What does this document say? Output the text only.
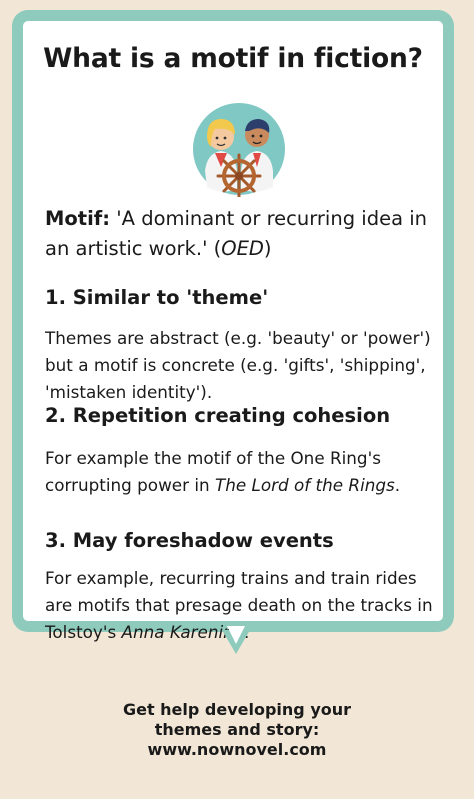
What is a motif in fiction?

Motif: 'A dominant or recurring idea in an artistic work.' (OED)

1. Similar to 'theme'

Themes are abstract (e.g. 'beauty' or 'power') but a motif is concrete (e.g. 'gifts', 'shipping', 'mistaken identity').

2. Repetition creating cohesion

For example the motif of the One Ring's corrupting power in The Lord of the Rings.

3. May foreshadow events

For example, recurring trains and train rides are motifs that presage death on the tracks in Tolstoy's Anna Karenina.

Get help developing your
themes and story:
www.nownovel.com
